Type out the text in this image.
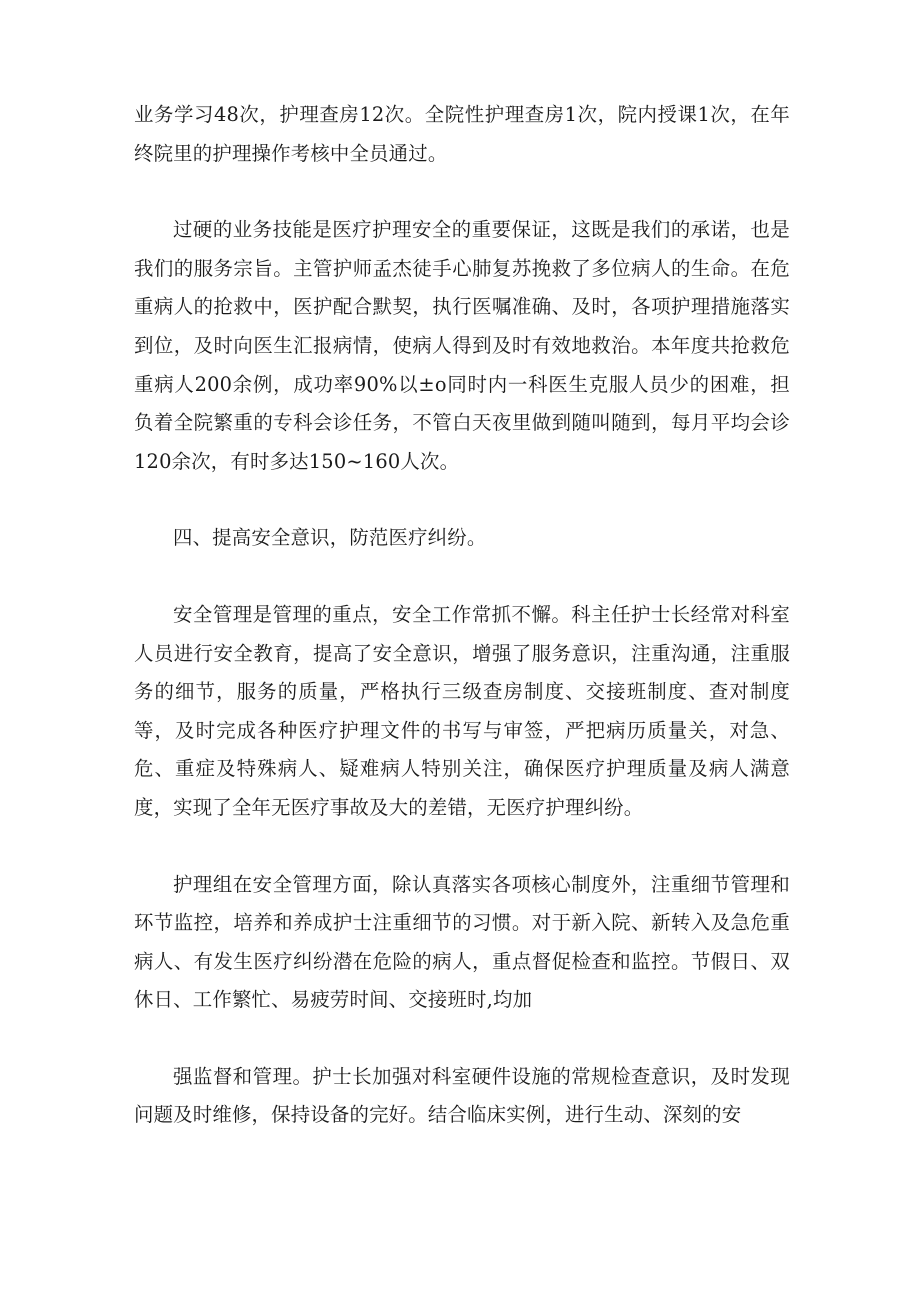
业务学习48次，护理查房12次。全院性护理查房1次，院内授课1次，在年终院里的护理操作考核中全员通过。

过硬的业务技能是医疗护理安全的重要保证，这既是我们的承诺，也是我们的服务宗旨。主管护师孟杰徒手心肺复苏挽救了多位病人的生命。在危重病人的抢救中，医护配合默契，执行医嘱准确、及时，各项护理措施落实到位，及时向医生汇报病情，使病人得到及时有效地救治。本年度共抢救危重病人200余例，成功率90%以±o同时内一科医生克服人员少的困难，担负着全院繁重的专科会诊任务，不管白天夜里做到随叫随到，每月平均会诊120余次，有时多达150~160人次。

四、提高安全意识，防范医疗纠纷。

安全管理是管理的重点，安全工作常抓不懈。科主任护士长经常对科室人员进行安全教育，提高了安全意识，增强了服务意识，注重沟通，注重服务的细节，服务的质量，严格执行三级查房制度、交接班制度、查对制度等，及时完成各种医疗护理文件的书写与审签，严把病历质量关，对急、危、重症及特殊病人、疑难病人特别关注，确保医疗护理质量及病人满意度，实现了全年无医疗事故及大的差错，无医疗护理纠纷。

护理组在安全管理方面，除认真落实各项核心制度外，注重细节管理和环节监控，培养和养成护士注重细节的习惯。对于新入院、新转入及急危重病人、有发生医疗纠纷潜在危险的病人，重点督促检查和监控。节假日、双休日、工作繁忙、易疲劳时间、交接班时,均加

强监督和管理。护士长加强对科室硬件设施的常规检查意识，及时发现问题及时维修，保持设备的完好。结合临床实例，进行生动、深刻的安
